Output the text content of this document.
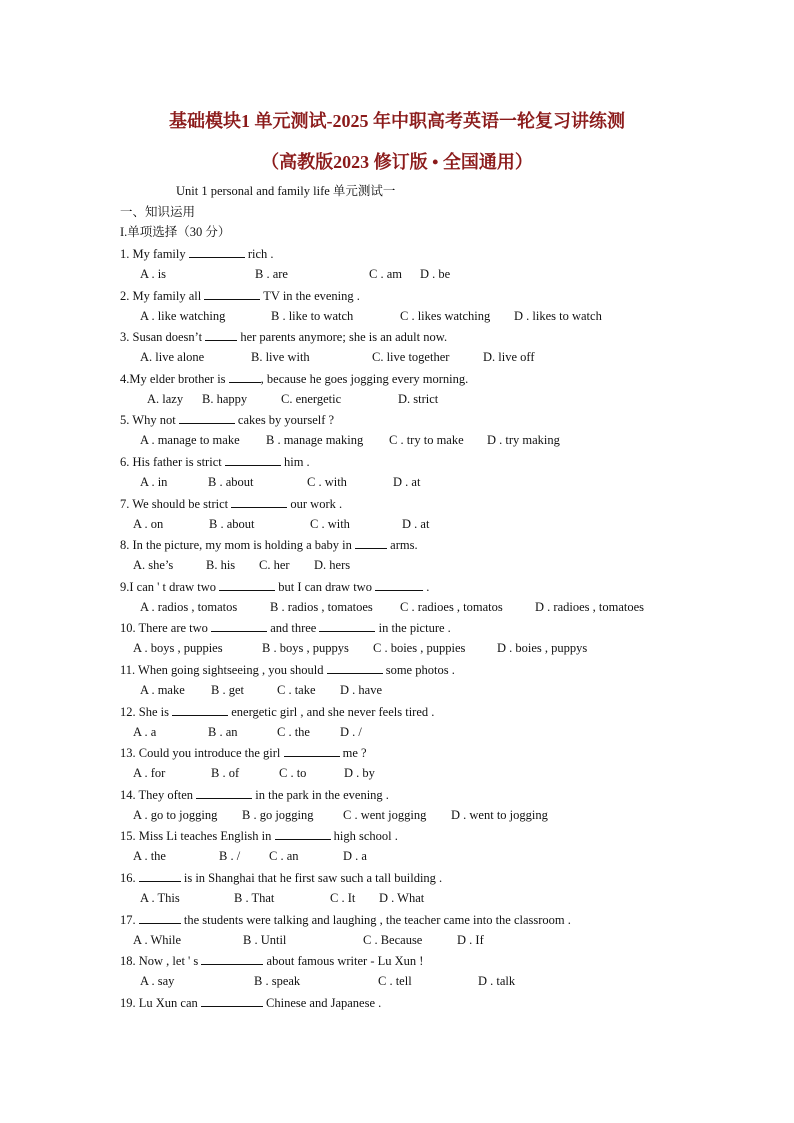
基础模块1 单元测试-2025 年中职高考英语一轮复习讲练测
（高教版2023 修订版 • 全国通用）
Unit 1 personal and family life 单元测试一
一、知识运用
I.单项选择（30 分）
1. My family	rich .
A . is	B . are	C . am D . be
2. My family all	TV in the evening .
A . like watching	B . like to watch	C . likes watching D . likes to watch
3. Susan doesn’t	her parents anymore; she is an adult now.
A. live alone	B. live with	C. live together	D. live off
4.My elder brother is	, because he goes jogging every morning.
A. lazy B. happy	C. energetic	D. strict
5. Why not	cakes by yourself ?
A . manage to make B . manage making C . try to make D . try making
6. His father is strict	him .
A . in	B . about	C . with	D . at
7. We should be strict	our work .
A . on	B . about	C . with	D . at
8. In the picture, my mom is holding a baby in	arms.
A. she’s	B. his C. her D. hers
9.I can ' t draw two	but I can draw two	.
A . radios , tomatos	B . radios , tomatoes C . radioes , tomatos	D . radioes , tomatoes
10. There are two	and three	in the picture .
A . boys , puppies	B . boys , puppys C . boies , puppies	D . boies , puppys
11. When going sightseeing , you should	some photos .
A . make B . get	C . take D . have
12. She is	energetic girl , and she never feels tired .
A . a	B . an	C . the D . /
13. Could you introduce the girl	me ?
A . for	B . of	C . to	D . by
14. They often	in the park in the evening .
A . go to jogging B . go jogging C . went jogging D . went to jogging
15. Miss Li teaches English in	high school .
A . the	B . / C . an	D . a
16.	is in Shanghai that he first saw such a tall building .
A . This	B . That	C . It D . What
17.	the students were talking and laughing , the teacher came into the classroom .
A . While	B . Until	C . Because	D . If
18. Now , let ' s	about famous writer - Lu Xun !
A . say	B . speak	C . tell	D . talk
19. Lu Xun can	Chinese and Japanese .
